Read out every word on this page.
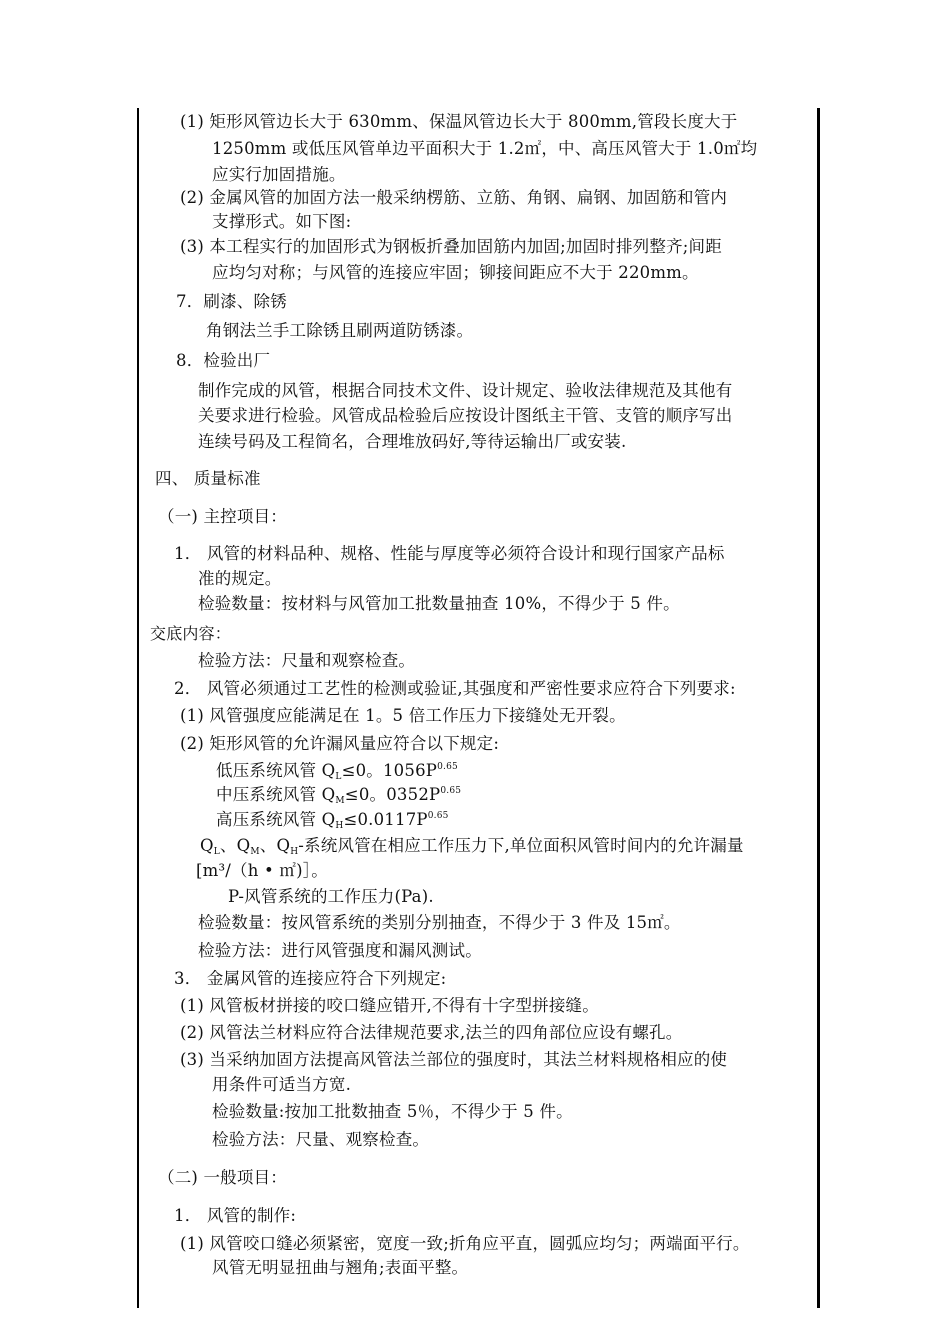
(1) 矩形风管边长大于 630mm、保温风管边长大于 800mm,管段长度大于
1250mm 或低压风管单边平面积大于 1.2㎡，中、高压风管大于 1.0㎡均
应实行加固措施。
(2) 金属风管的加固方法一般采纳楞筋、立筋、角钢、扁钢、加固筋和管内
支撑形式。如下图:
(3) 本工程实行的加固形式为钢板折叠加固筋内加固;加固时排列整齐;间距
应均匀对称；与风管的连接应牢固；铆接间距应不大于 220mm。
7．刷漆、除锈
角钢法兰手工除锈且刷两道防锈漆。
8．检验出厂
制作完成的风管，根据合同技术文件、设计规定、验收法律规范及其他有
关要求进行检验。风管成品检验后应按设计图纸主干管、支管的顺序写出
连续号码及工程简名，合理堆放码好,等待运输出厂或安装.
四、 质量标准
（一) 主控项目：
1． 风管的材料品种、规格、性能与厚度等必须符合设计和现行国家产品标
准的规定。
检验数量：按材料与风管加工批数量抽查 10%，不得少于 5 件。
交底内容：
检验方法：尺量和观察检查。
2． 风管必须通过工艺性的检测或验证,其强度和严密性要求应符合下列要求:
(1) 风管强度应能满足在 1。5 倍工作压力下接缝处无开裂。
(2) 矩形风管的允许漏风量应符合以下规定:
低压系统风管 $Q_L\le 0$。$1056P^{0.65}$
中压系统风管 $Q_M\le 0$。$0352P^{0.65}$
高压系统风管 $Q_H\le 0.0117P^{0.65}$
$Q_L$、$Q_M$、$Q_H-$系统风管在相应工作压力下,单位面积风管时间内的允许漏量
[m³/（h • ㎡)］。
P-风管系统的工作压力(Pa).
检验数量：按风管系统的类别分别抽查，不得少于 3 件及 15㎡。
检验方法：进行风管强度和漏风测试。
3． 金属风管的连接应符合下列规定:
(1) 风管板材拼接的咬口缝应错开,不得有十字型拼接缝。
(2) 风管法兰材料应符合法律规范要求,法兰的四角部位应设有螺孔。
(3) 当采纳加固方法提高风管法兰部位的强度时，其法兰材料规格相应的使
用条件可适当方宽.
检验数量:按加工批数抽查 5％，不得少于 5 件。
检验方法：尺量、观察检查。
（二) 一般项目：
1． 风管的制作:
(1) 风管咬口缝必须紧密，宽度一致;折角应平直，圆弧应均匀；两端面平行。
风管无明显扭曲与翘角;表面平整。
